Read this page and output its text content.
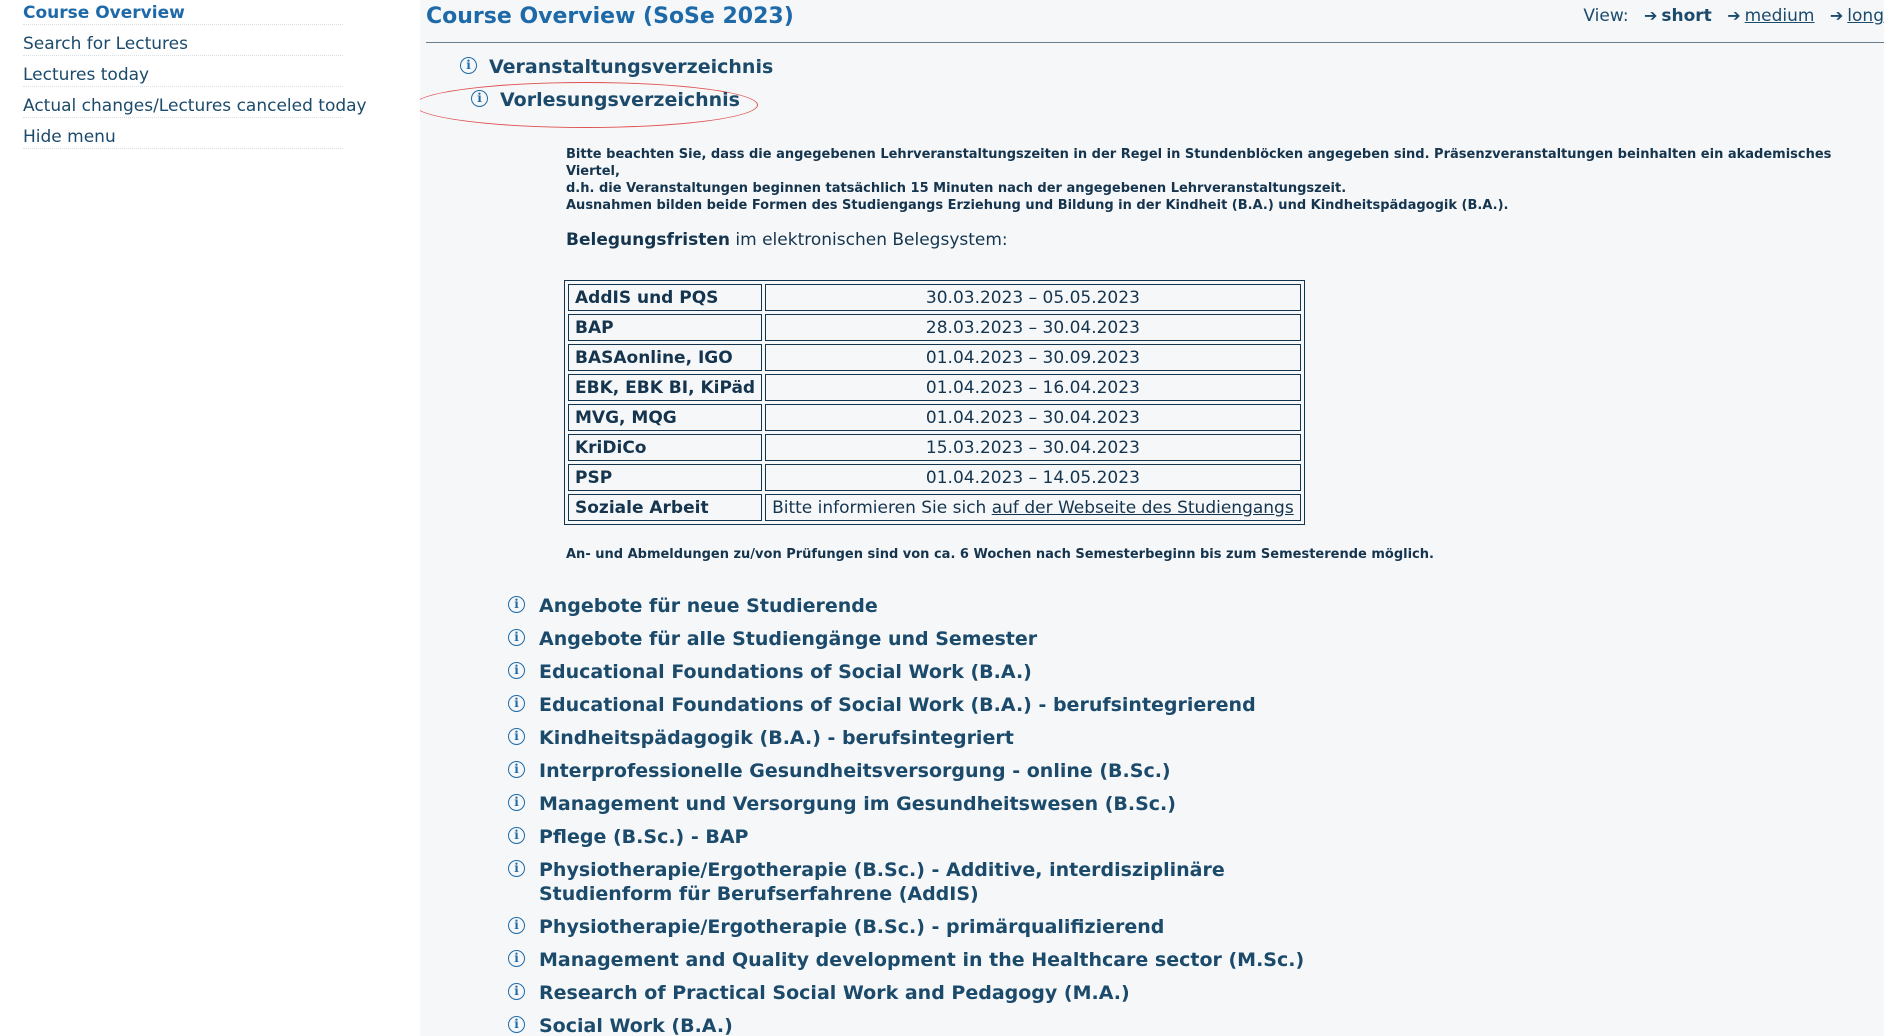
Course Overview
Search for Lectures
Lectures today
Actual changes/Lectures canceled today
Hide menu
Course Overview (SoSe 2023)	View: ➔ short ➔ medium ➔ long
i Veranstaltungsverzeichnis
i Vorlesungsverzeichnis
Bitte beachten Sie, dass die angegebenen Lehrveranstaltungszeiten in der Regel in Stundenblöcken angegeben sind. Präsenzveranstaltungen beinhalten ein akademisches Viertel,
d.h. die Veranstaltungen beginnen tatsächlich 15 Minuten nach der angegebenen Lehrveranstaltungszeit.
Ausnahmen bilden beide Formen des Studiengangs Erziehung und Bildung in der Kindheit (B.A.) und Kindheitspädagogik (B.A.).
Belegungsfristen im elektronischen Belegsystem:
AddIS und PQS	30.03.2023 – 05.05.2023
BAP	28.03.2023 – 30.04.2023
BASAonline, IGO	01.04.2023 – 30.09.2023
EBK, EBK BI, KiPäd	01.04.2023 – 16.04.2023
MVG, MQG	01.04.2023 – 30.04.2023
KriDiCo	15.03.2023 – 30.04.2023
PSP	01.04.2023 – 14.05.2023
Soziale Arbeit	Bitte informieren Sie sich auf der Webseite des Studiengangs
An- und Abmeldungen zu/von Prüfungen sind von ca. 6 Wochen nach Semesterbeginn bis zum Semesterende möglich.
i	Angebote für neue Studierende
i	Angebote für alle Studiengänge und Semester
i	Educational Foundations of Social Work (B.A.)
i	Educational Foundations of Social Work (B.A.) - berufsintegrierend
i	Kindheitspädagogik (B.A.) - berufsintegriert
i	Interprofessionelle Gesundheitsversorgung - online (B.Sc.)
i	Management und Versorgung im Gesundheitswesen (B.Sc.)
i	Pflege (B.Sc.) - BAP
i	Physiotherapie/Ergotherapie (B.Sc.) - Additive, interdisziplinäre Studienform für Berufserfahrene (AddIS)
i	Physiotherapie/Ergotherapie (B.Sc.) - primärqualifizierend
i	Management and Quality development in the Healthcare sector (M.Sc.)
i	Research of Practical Social Work and Pedagogy (M.A.)
i	Social Work (B.A.)
